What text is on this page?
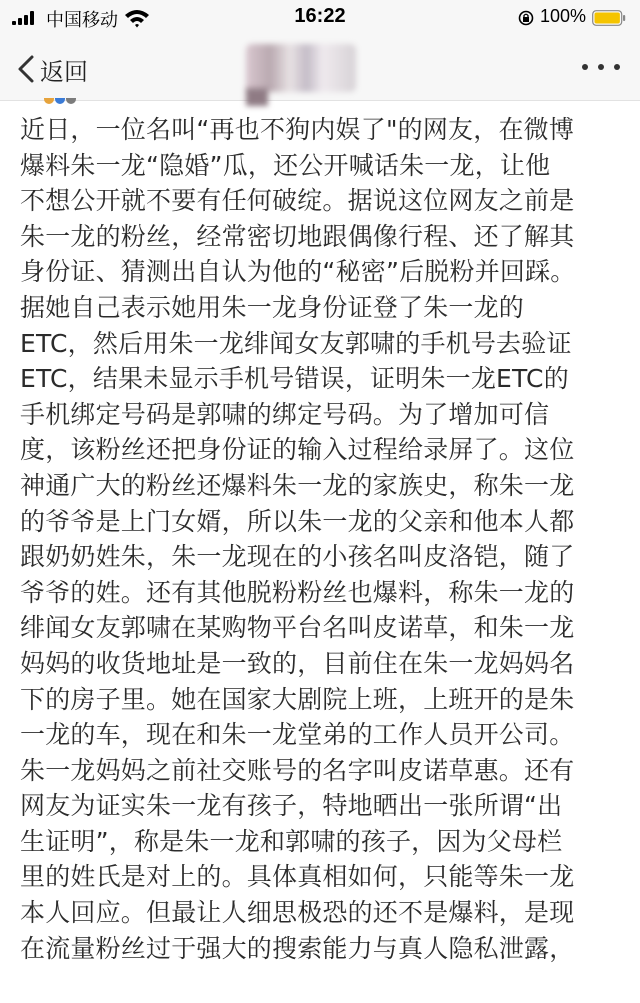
中国移动	16:22	100%
返回

近日，一位名叫“再也不狗内娱了"的网友，在微博

爆料朱一龙“隐婚”瓜，还公开喊话朱一龙，让他

不想公开就不要有任何破绽。据说这位网友之前是

朱一龙的粉丝，经常密切地跟偶像行程、还了解其

身份证、猜测出自认为他的“秘密”后脱粉并回踩。

据她自己表示她用朱一龙身份证登了朱一龙的

ETC，然后用朱一龙绯闻女友郭啸的手机号去验证

ETC，结果未显示手机号错误，证明朱一龙ETC的

手机绑定号码是郭啸的绑定号码。为了增加可信

度，该粉丝还把身份证的输入过程给录屏了。这位

神通广大的粉丝还爆料朱一龙的家族史，称朱一龙

的爷爷是上门女婿，所以朱一龙的父亲和他本人都

跟奶奶姓朱，朱一龙现在的小孩名叫皮洛铠，随了

爷爷的姓。还有其他脱粉粉丝也爆料，称朱一龙的

绯闻女友郭啸在某购物平台名叫皮诺草，和朱一龙

妈妈的收货地址是一致的，目前住在朱一龙妈妈名

下的房子里。她在国家大剧院上班，上班开的是朱

一龙的车，现在和朱一龙堂弟的工作人员开公司。

朱一龙妈妈之前社交账号的名字叫皮诺草惠。还有

网友为证实朱一龙有孩子，特地晒出一张所谓“出

生证明”，称是朱一龙和郭啸的孩子，因为父母栏

里的姓氏是对上的。具体真相如何，只能等朱一龙

本人回应。但最让人细思极恐的还不是爆料，是现

在流量粉丝过于强大的搜索能力与真人隐私泄露，
